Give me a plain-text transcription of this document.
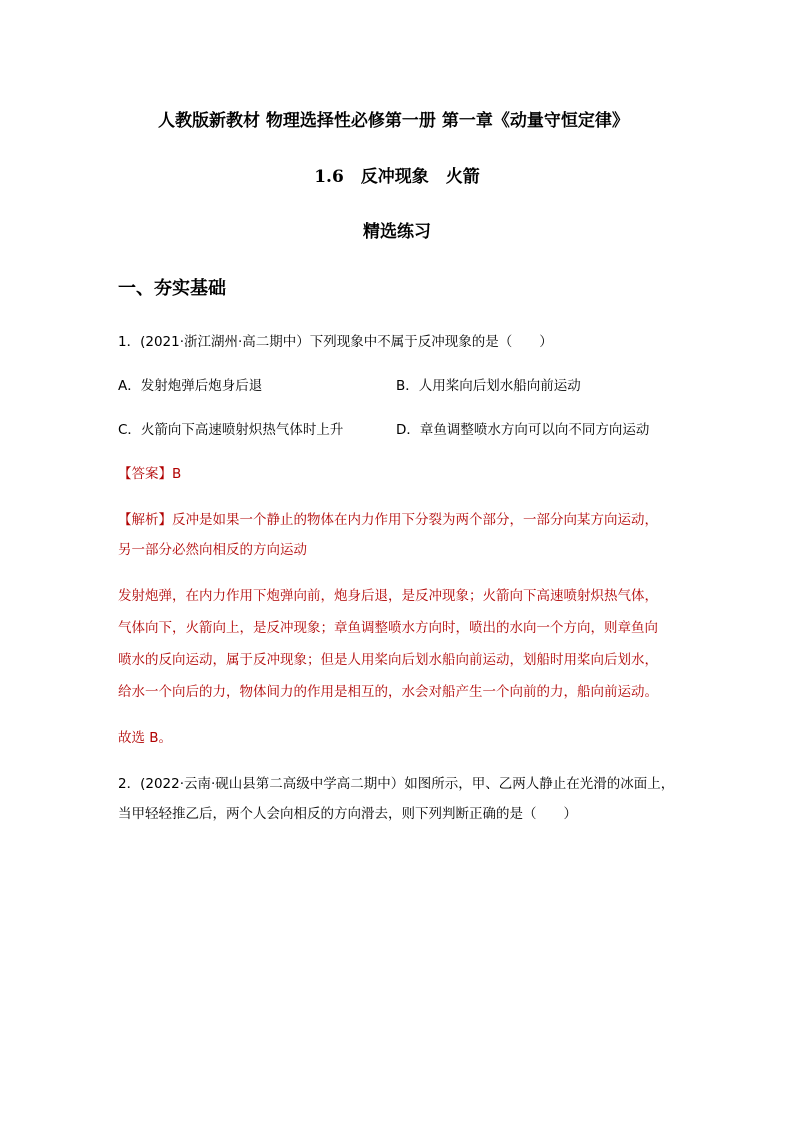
人教版新教材 物理选择性必修第一册 第一章《动量守恒定律》
1.6　反冲现象　火箭
精选练习
一、夯实基础
1．(2021·浙江湖州·高二期中）下列现象中不属于反冲现象的是（　　）
A．发射炮弹后炮身后退	B．人用桨向后划水船向前运动
C．火箭向下高速喷射炽热气体时上升	D．章鱼调整喷水方向可以向不同方向运动
【答案】B
【解析】反冲是如果一个静止的物体在内力作用下分裂为两个部分，一部分向某方向运动，
另一部分必然向相反的方向运动
发射炮弹，在内力作用下炮弹向前，炮身后退，是反冲现象；火箭向下高速喷射炽热气体，
气体向下，火箭向上，是反冲现象；章鱼调整喷水方向时，喷出的水向一个方向，则章鱼向
喷水的反向运动，属于反冲现象；但是人用桨向后划水船向前运动，划船时用桨向后划水，
给水一个向后的力，物体间力的作用是相互的，水会对船产生一个向前的力，船向前运动。
故选 B。
2．(2022·云南·砚山县第二高级中学高二期中）如图所示，甲、乙两人静止在光滑的冰面上，
当甲轻轻推乙后，两个人会向相反的方向滑去，则下列判断正确的是（　　）
